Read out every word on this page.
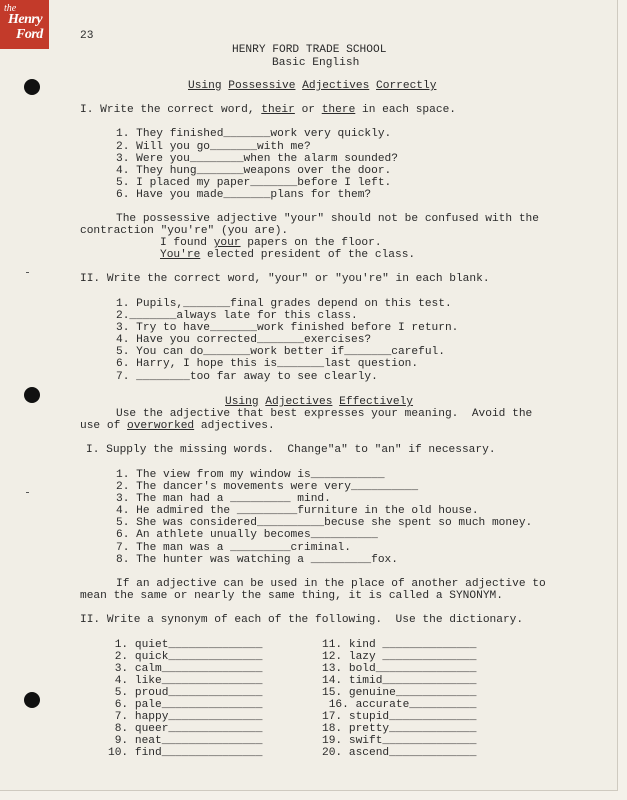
the
Henry
Ford	23
HENRY FORD TRADE SCHOOL
Basic English
Using Possessive Adjectives Correctly
I. Write the correct word, their or there in each space.
1. They finished_______work very quickly.
2. Will you go_______with me?
3. Were you________when the alarm sounded?
4. They hung_______weapons over the door.
5. I placed my paper_______before I left.
6. Have you made_______plans for them?
The possessive adjective "your" should not be confused with the
contraction "you're" (you are).
I found your papers on the floor.
You're elected president of the class.
II. Write the correct word, "your" or "you're" in each blank.
1. Pupils,_______final grades depend on this test.
2._______always late for this class.
3. Try to have_______work finished before I return.
4. Have you corrected_______exercises?
5. You can do_______work better if_______careful.
6. Harry, I hope this is_______last question.
7. ________too far away to see clearly.
Using Adjectives Effectively
Use the adjective that best expresses your meaning.  Avoid the
use of overworked adjectives.
I. Supply the missing words.  Change"a" to "an" if necessary.
1. The view from my window is___________
2. The dancer's movements were very__________
3. The man had a _________ mind.
4. He admired the _________furniture in the old house.
5. She was considered__________becuse she spent so much money.
6. An athlete unually becomes__________
7. The man was a _________criminal.
8. The hunter was watching a _________fox.
If an adjective can be used in the place of another adjective to
mean the same or nearly the same thing, it is called a SYNONYM.
II. Write a synonym of each of the following.  Use the dictionary.
1. quiet______________
2. quick______________
3. calm_______________
4. like_______________
5. proud______________
6. pale_______________
7. happy______________
8. queer______________
9. neat_______________
10. find_______________
11. kind ______________
12. lazy ______________
13. bold_______________
14. timid______________
15. genuine____________
16. accurate__________
17. stupid_____________
18. pretty_____________
19. swift______________
20. ascend_____________
